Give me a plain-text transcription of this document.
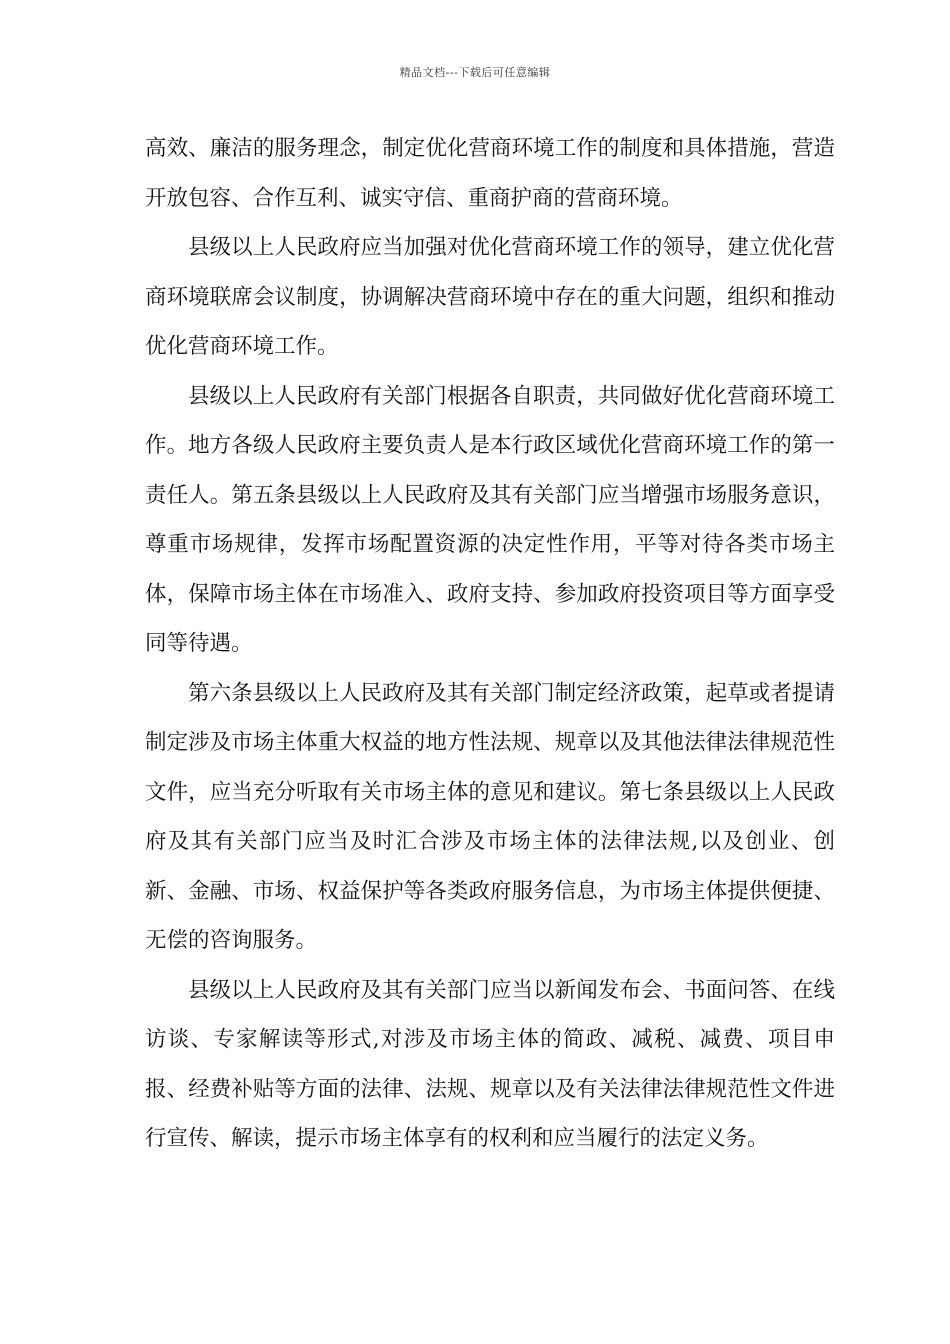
精品文档---下载后可任意编辑

高效、廉洁的服务理念，制定优化营商环境工作的制度和具体措施，营造开放包容、合作互利、诚实守信、重商护商的营商环境。

县级以上人民政府应当加强对优化营商环境工作的领导，建立优化营商环境联席会议制度，协调解决营商环境中存在的重大问题，组织和推动优化营商环境工作。

县级以上人民政府有关部门根据各自职责，共同做好优化营商环境工作。地方各级人民政府主要负责人是本行政区域优化营商环境工作的第一责任人。第五条县级以上人民政府及其有关部门应当增强市场服务意识，尊重市场规律，发挥市场配置资源的决定性作用，平等对待各类市场主体，保障市场主体在市场准入、政府支持、参加政府投资项目等方面享受同等待遇。

第六条县级以上人民政府及其有关部门制定经济政策，起草或者提请制定涉及市场主体重大权益的地方性法规、规章以及其他法律法律规范性文件，应当充分听取有关市场主体的意见和建议。第七条县级以上人民政府及其有关部门应当及时汇合涉及市场主体的法律法规,以及创业、创新、金融、市场、权益保护等各类政府服务信息，为市场主体提供便捷、无偿的咨询服务。

县级以上人民政府及其有关部门应当以新闻发布会、书面问答、在线访谈、专家解读等形式,对涉及市场主体的简政、减税、减费、项目申报、经费补贴等方面的法律、法规、规章以及有关法律法律规范性文件进行宣传、解读，提示市场主体享有的权利和应当履行的法定义务。
